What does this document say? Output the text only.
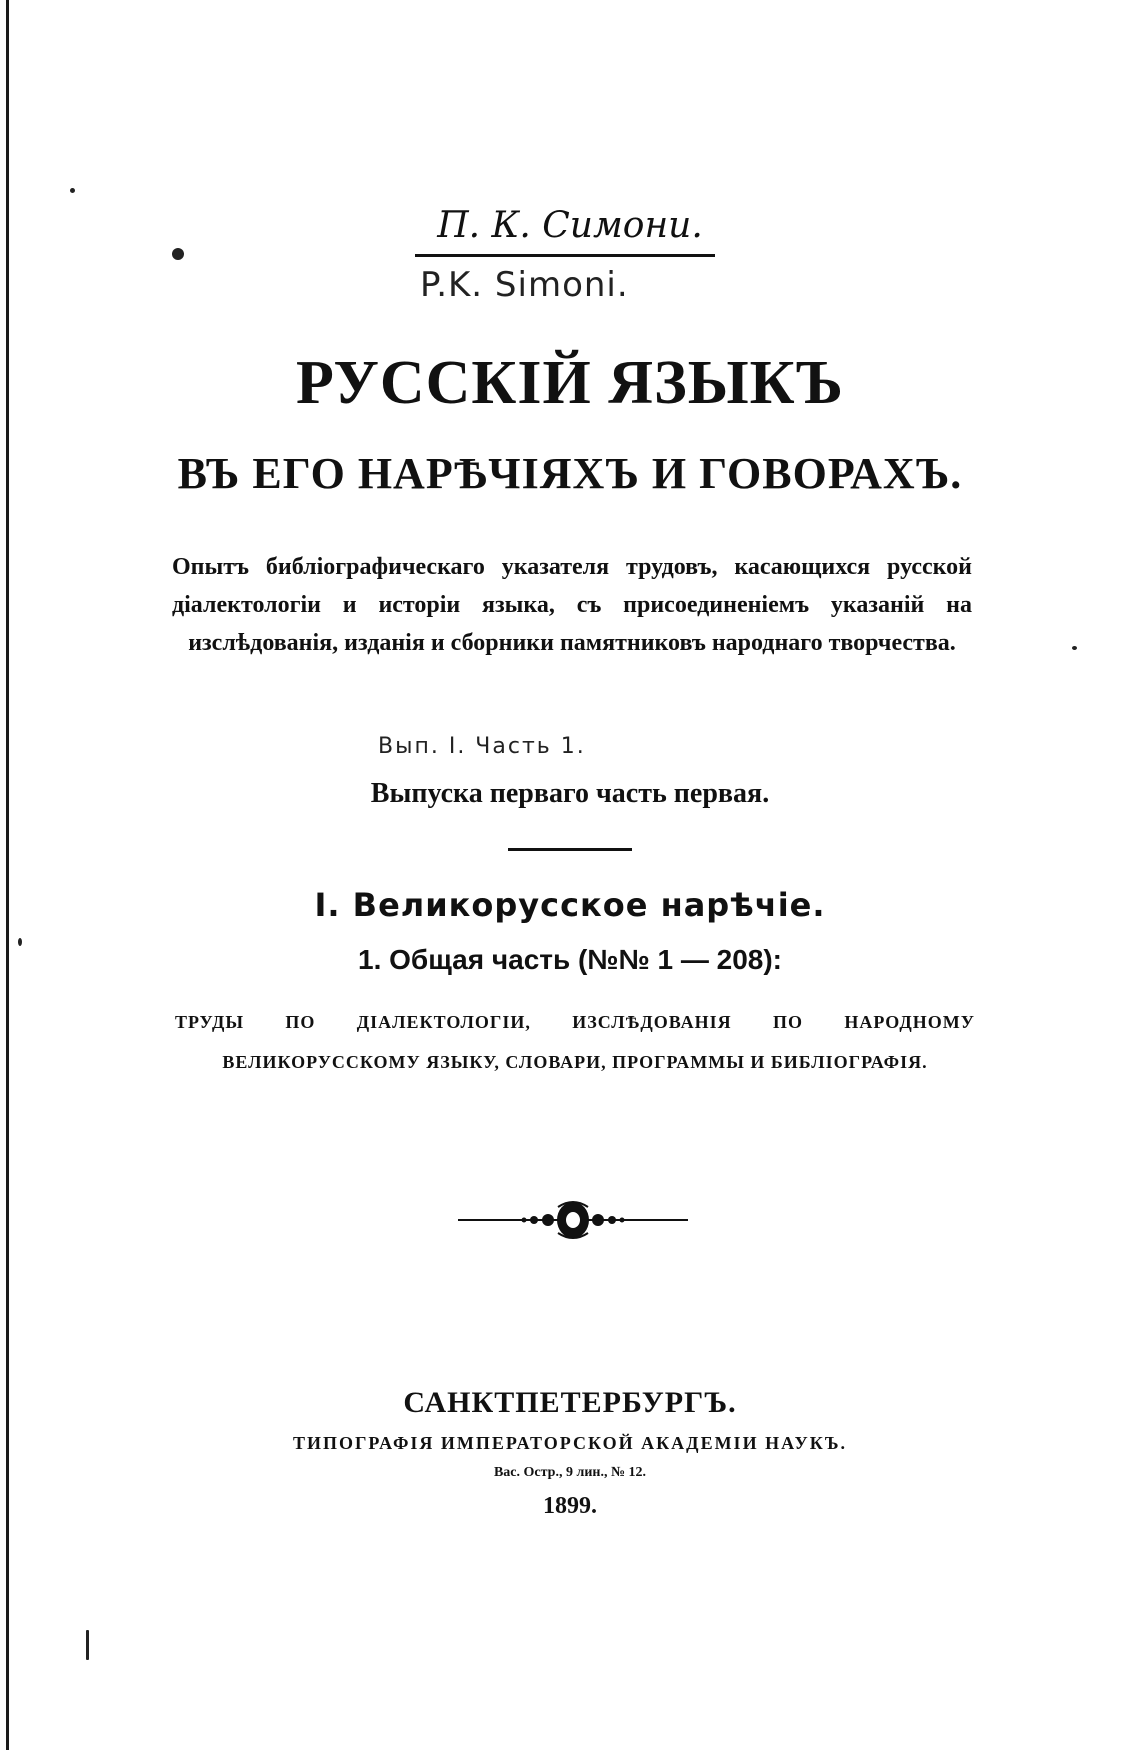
П. К. Симони.
P.K. Simoni.
РУССКІЙ ЯЗЫКЪ
ВЪ ЕГО НАРѢЧІЯХЪ И ГОВОРАХЪ.
Опытъ библіографическаго указателя трудовъ, касающихся русской діалектологіи и исторіи языка, съ присоединеніемъ указаній на изслѣдованія, изданія и сборники памятниковъ народнаго творчества.
Вып. I. Часть 1.
Выпуска перваго часть первая.
I. Великорусское нарѣчіе.
1. Общая часть (№№ 1 — 208):
ТРУДЫ ПО ДІАЛЕКТОЛОГІИ, ИЗСЛѢДОВАНІЯ ПО НАРОДНОМУ ВЕЛИКОРУССКОМУ ЯЗЫКУ, СЛОВАРИ, ПРОГРАММЫ И БИБЛІОГРАФІЯ.
САНКТПЕТЕРБУРГЪ.
ТИПОГРАФІЯ ИМПЕРАТОРСКОЙ АКАДЕМІИ НАУКЪ.
Вас. Остр., 9 лин., № 12.
1899.
